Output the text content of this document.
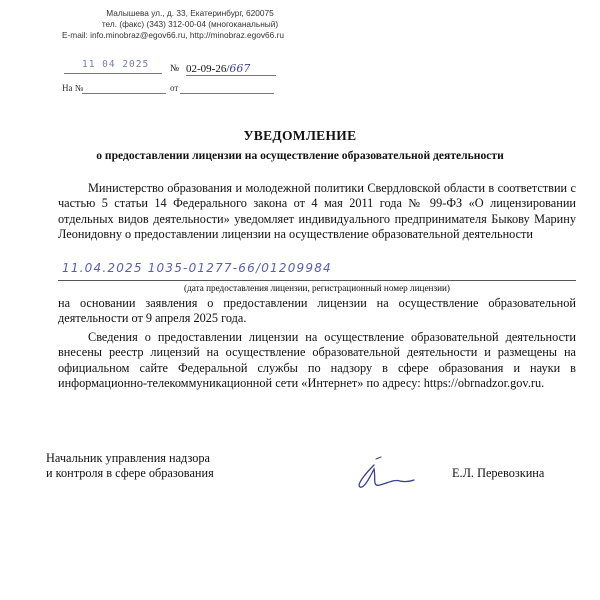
Малышева ул., д. 33, Екатеринбург, 620075
тел. (факс) (343) 312-00-04 (многоканальный)
E-mail: info.minobraz@egov66.ru, http://minobraz.egov66.ru
11 04 2025 № 02-09-26/667
На №	от
УВЕДОМЛЕНИЕ
о предоставлении лицензии на осуществление образовательной деятельности
Министерство образования и молодежной политики Свердловской области в соответствии с частью 5 статьи 14 Федерального закона от 4 мая 2011 года № 99-ФЗ «О лицензировании отдельных видов деятельности» уведомляет индивидуального предпринимателя Быкову Марину Леонидовну о предоставлении лицензии на осуществление образовательной деятельности
11.04.2025 1035-01277-66/01209984
(дата предоставления лицензии, регистрационный номер лицензии)
на основании заявления о предоставлении лицензии на осуществление образовательной деятельности от 9 апреля 2025 года.
Сведения о предоставлении лицензии на осуществление образовательной деятельности внесены реестр лицензий на осуществление образовательной деятельности и размещены на официальном сайте Федеральной службы по надзору в сфере образования и науки в информационно-телекоммуникационной сети «Интернет» по адресу: https://obrnadzor.gov.ru.
Начальник управления надзора
и контроля в сфере образования	Е.Л. Перевозкина
